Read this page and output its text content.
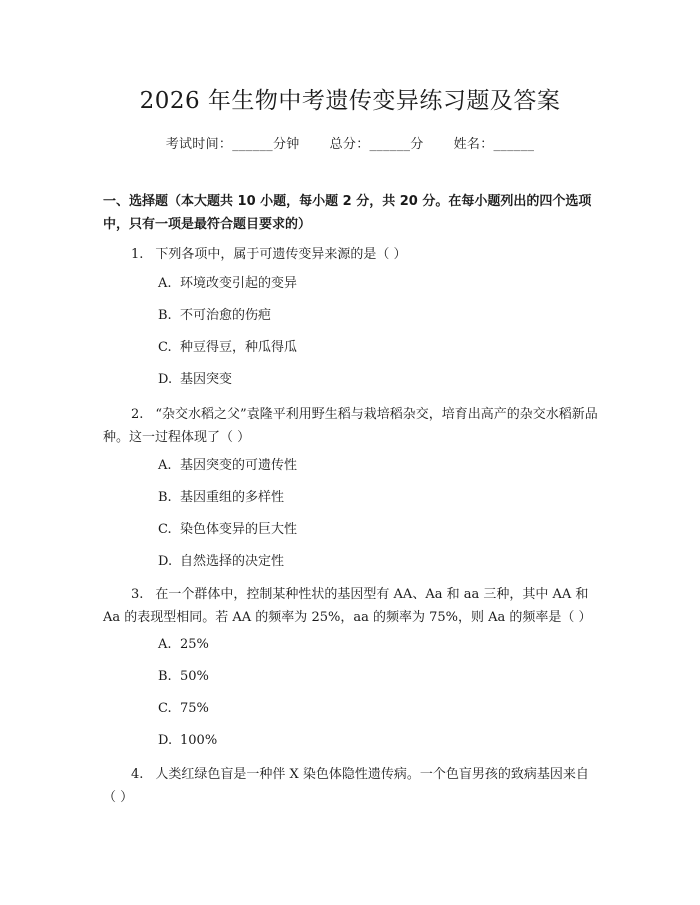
2026 年生物中考遗传变异练习题及答案
考试时间：______分钟 总分：______分 姓名：______
一、选择题（本大题共 10 小题，每小题 2 分，共 20 分。在每小题列出的四个选项中，只有一项是最符合题目要求的）
1. 下列各项中，属于可遗传变异来源的是（ ）
A. 环境改变引起的变异
B. 不可治愈的伤疤
C. 种豆得豆，种瓜得瓜
D. 基因突变
2. “杂交水稻之父”袁隆平利用野生稻与栽培稻杂交，培育出高产的杂交水稻新品种。这一过程体现了（ ）
A. 基因突变的可遗传性
B. 基因重组的多样性
C. 染色体变异的巨大性
D. 自然选择的决定性
3. 在一个群体中，控制某种性状的基因型有 AA、Aa 和 aa 三种，其中 AA 和 Aa 的表现型相同。若 AA 的频率为 25%，aa 的频率为 75%，则 Aa 的频率是（ ）
A. 25%
B. 50%
C. 75%
D. 100%
4. 人类红绿色盲是一种伴 X 染色体隐性遗传病。一个色盲男孩的致病基因来自（ ）
